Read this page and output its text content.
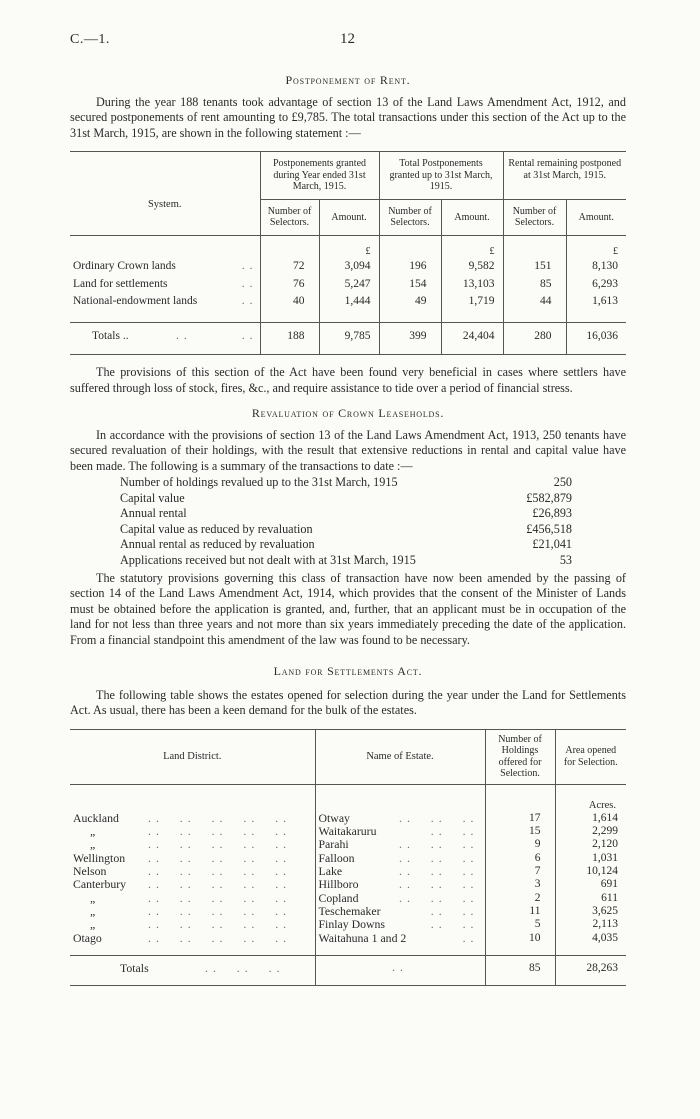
C.—1.	12
Postponement of Rent.

During the year 188 tenants took advantage of section 13 of the Land Laws Amendment Act, 1912, and secured postponements of rent amounting to £9,785. The total transactions under this section of the Act up to the 31st March, 1915, are shown in the following statement :—

System.	Postponements granted during Year ended 31st March, 1915.		Total Postponements granted up to 31st March, 1915.		Rental remaining postponed at 31st March, 1915.	
	Number of Selectors.	Amount.	Number of Selectors.	Amount.	Number of Selectors.	Amount.
		£		£		£
Ordinary Crown lands ..	72	3,094	196	9,582	151	8,130
Land for settlements ..	76	5,247	154	13,103	85	6,293
National-endowment lands ..	40	1,444	49	1,719	44	1,613
Totals .. .. ..	188	9,785	399	24,404	280	16,036

The provisions of this section of the Act have been found very beneficial in cases where settlers have suffered through loss of stock, fires, &c., and require assistance to tide over a period of financial stress.

Revaluation of Crown Leaseholds.

In accordance with the provisions of section 13 of the Land Laws Amendment Act, 1913, 250 tenants have secured revaluation of their holdings, with the result that extensive reductions in rental and capital value have been made. The following is a summary of the transactions to date :—

Number of holdings revalued up to the 31st March, 1915	250
Capital value	£582,879
Annual rental	£26,893
Capital value as reduced by revaluation	£456,518
Annual rental as reduced by revaluation	£21,041
Applications received but not dealt with at 31st March, 1915	53

The statutory provisions governing this class of transaction have now been amended by the passing of section 14 of the Land Laws Amendment Act, 1914, which provides that the consent of the Minister of Lands must be obtained before the application is granted, and, further, that an applicant must be in occupation of the land for not less than three years and not more than six years immediately preceding the date of the application. From a financial standpoint this amendment of the law was found to be necessary.

Land for Settlements Act.

The following table shows the estates opened for selection during the year under the Land for Settlements Act. As usual, there has been a keen demand for the bulk of the estates.

Land District.	Name of Estate.	Number of Holdings offered for Selection.	Area opened for Selection.
			Acres.
Auckland ..  ..  ..  ..  ..	Otway ..  ..  ..	17	1,614
„ ..  ..  ..  ..  ..	Waitakaruru ..  ..	15	2,299
„ ..  ..  ..  ..  ..	Parahi ..  ..  ..	9	2,120
Wellington ..  ..  ..  ..  ..	Falloon ..  ..  ..	6	1,031
Nelson ..  ..  ..  ..  ..	Lake ..  ..  ..	7	10,124
Canterbury ..  ..  ..  ..  ..	Hillboro ..  ..  ..	3	691
„ ..  ..  ..  ..  ..	Copland ..  ..  ..	2	611
„ ..  ..  ..  ..  ..	Teschemaker ..  ..	11	3,625
„ ..  ..  ..  ..  ..	Finlay Downs ..  ..	5	2,113
Otago ..  ..  ..  ..  ..	Waitahuna 1 and 2 ..	10	4,035
Totals ..  ..  ..	..	85	28,263
